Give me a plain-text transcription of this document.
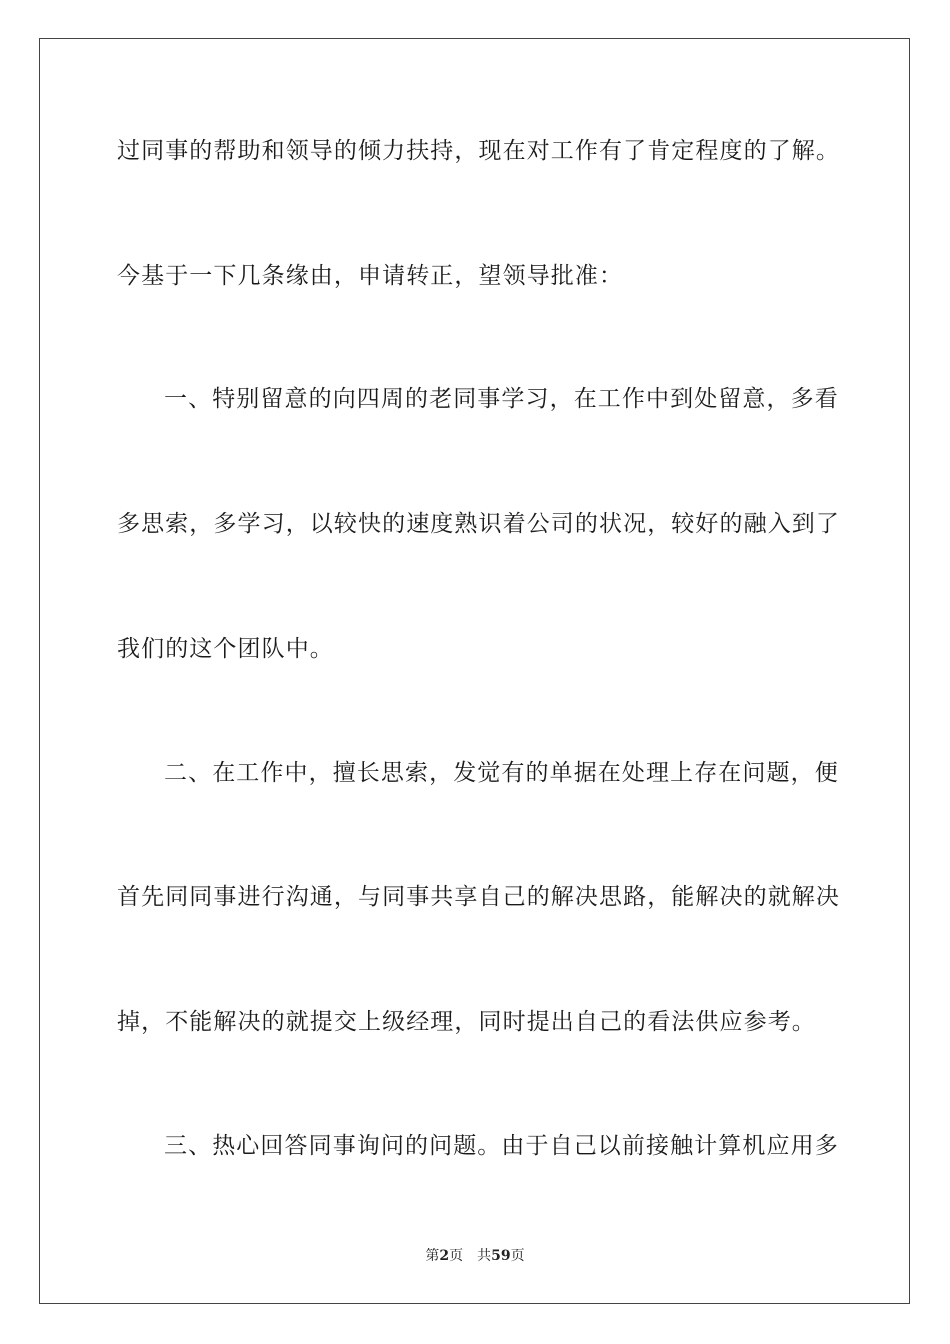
过同事的帮助和领导的倾力扶持，现在对工作有了肯定程度的了解。
今基于一下几条缘由，申请转正，望领导批准：
一、特别留意的向四周的老同事学习，在工作中到处留意，多看
多思索，多学习，以较快的速度熟识着公司的状况，较好的融入到了
我们的这个团队中。
二、在工作中，擅长思索，发觉有的单据在处理上存在问题，便
首先同同事进行沟通，与同事共享自己的解决思路，能解决的就解决
掉，不能解决的就提交上级经理，同时提出自己的看法供应参考。
三、热心回答同事询问的问题。由于自己以前接触计算机应用多
第2页 共59页
